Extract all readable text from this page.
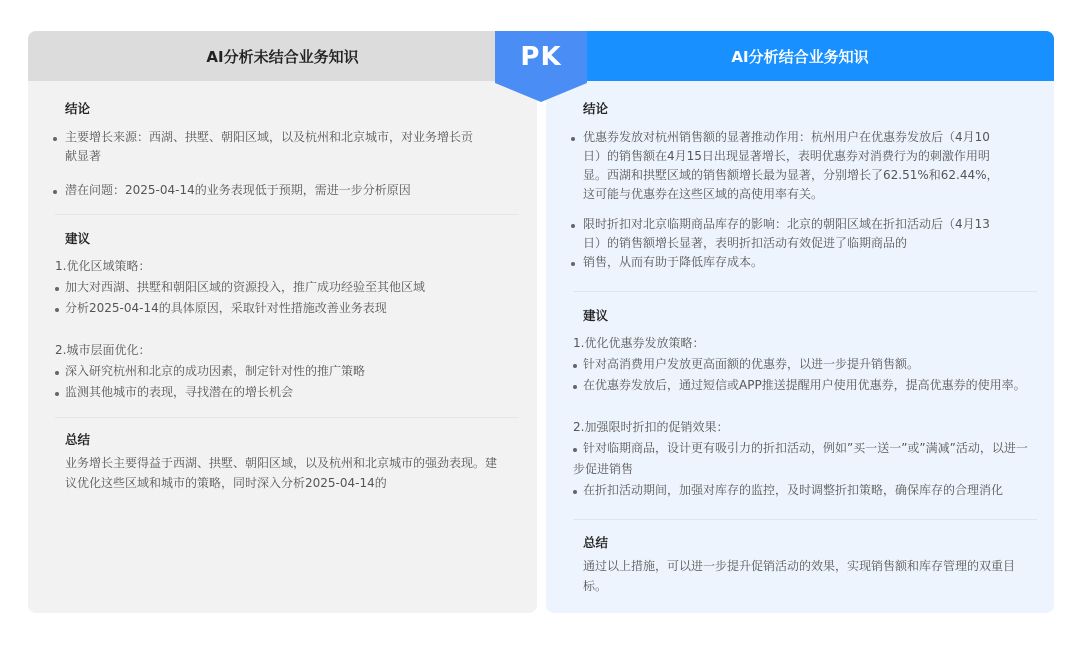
AI分析未结合业务知识
结论
主要增长来源：西湖、拱墅、朝阳区域，以及杭州和北京城市，对业务增长贡
献显著
潜在问题：2025-04-14的业务表现低于预期，需进一步分析原因
建议
1.优化区域策略：
加大对西湖、拱墅和朝阳区域的资源投入，推广成功经验至其他区域
分析2025-04-14的具体原因，采取针对性措施改善业务表现
2.城市层面优化：
深入研究杭州和北京的成功因素，制定针对性的推广策略
监测其他城市的表现，寻找潜在的增长机会
总结
业务增长主要得益于西湖、拱墅、朝阳区域，以及杭州和北京城市的强劲表现。建
议优化这些区域和城市的策略，同时深入分析2025-04-14的
AI分析结合业务知识
结论
优惠券发放对杭州销售额的显著推动作用：杭州用户在优惠券发放后（4月10
日）的销售额在4月15日出现显著增长，表明优惠券对消费行为的刺激作用明
显。西湖和拱墅区域的销售额增长最为显著，分别增长了62.51%和62.44%，
这可能与优惠券在这些区域的高使用率有关。
限时折扣对北京临期商品库存的影响：北京的朝阳区域在折扣活动后（4月13
日）的销售额增长显著，表明折扣活动有效促进了临期商品的
销售，从而有助于降低库存成本。
建议
1.优化优惠券发放策略：
针对高消费用户发放更高面额的优惠券，以进一步提升销售额。
在优惠券发放后，通过短信或APP推送提醒用户使用优惠券，提高优惠券的使用率。
2.加强限时折扣的促销效果：
针对临期商品，设计更有吸引力的折扣活动，例如”买一送一”或”满减”活动，以进一
步促进销售
在折扣活动期间，加强对库存的监控，及时调整折扣策略，确保库存的合理消化
总结
通过以上措施，可以进一步提升促销活动的效果，实现销售额和库存管理的双重目
标。
PK
